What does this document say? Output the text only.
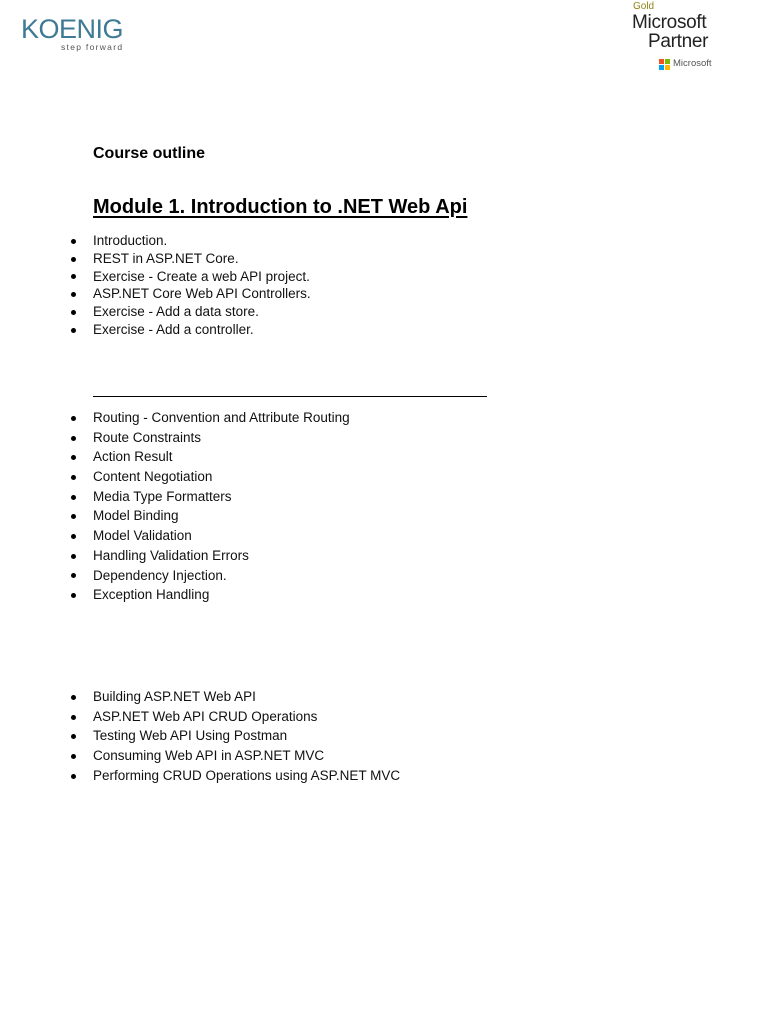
KOENIG
step forward
Gold
Microsoft
Partner
Microsoft
Course outline
Module 1. Introduction to .NET Web Api
Introduction.
REST in ASP.NET Core.
Exercise - Create a web API project.
ASP.NET Core Web API Controllers.
Exercise - Add a data store.
Exercise - Add a controller.
Routing - Convention and Attribute Routing
Route Constraints
Action Result
Content Negotiation
Media Type Formatters
Model Binding
Model Validation
Handling Validation Errors
Dependency Injection.
Exception Handling
Building ASP.NET Web API
ASP.NET Web API CRUD Operations
Testing Web API Using Postman
Consuming Web API in ASP.NET MVC
Performing CRUD Operations using ASP.NET MVC
